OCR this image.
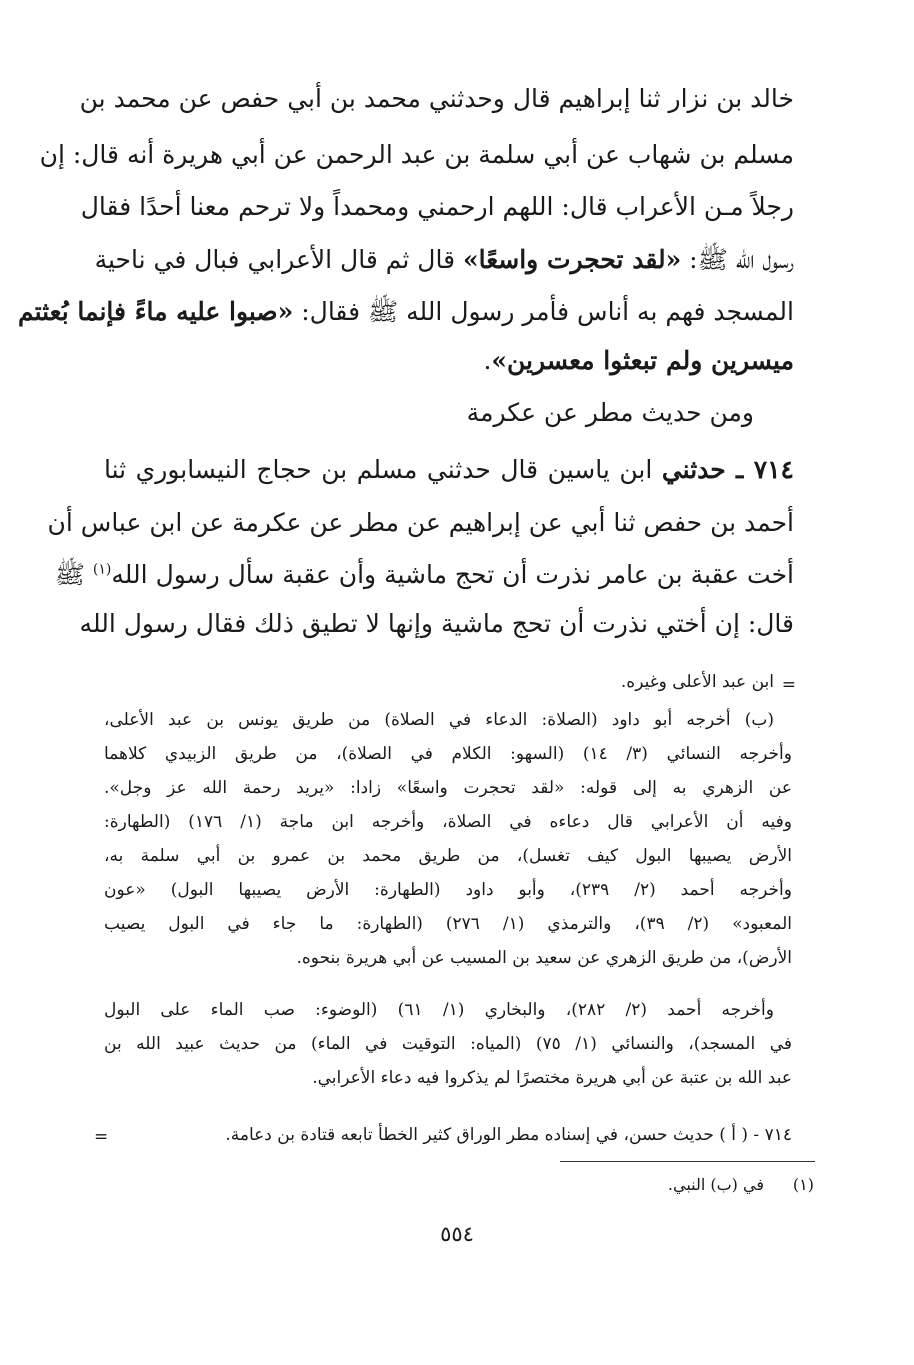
خالد بن نزار ثنا إبراهيم قال وحدثني محمد بن أبي حفص عن محمد بن
مسلم بن شهاب عن أبي سلمة بن عبد الرحمن عن أبي هريرة أنه قال: إن
رجلاً مـن الأعراب قال: اللهم ارحمني ومحمداً ولا ترحم معنا أحدًا فقال
رسول الله ﷺ: «لقد تحجرت واسعًا» قال ثم قال الأعرابي فبال في ناحية
المسجد فهم به أناس فأمر رسول الله ﷺ فقال: «صبوا عليه ماءً فإنما بُعثتم
ميسرين ولم تبعثوا معسرين».
ومن حديث مطر عن عكرمة
٧١٤ ـ حدثني ابن ياسين قال حدثني مسلم بن حجاج النيسابوري ثنا
أحمد بن حفص ثنا أبي عن إبراهيم عن مطر عن عكرمة عن ابن عباس أن
أخت عقبة بن عامر نذرت أن تحج ماشية وأن عقبة سأل رسول الله$^{(١)}$ ﷺ
قال: إن أختي نذرت أن تحج ماشية وإنها لا تطيق ذلك فقال رسول الله
=
ابن عبد الأعلى وغيره.
(ب) أخرجه أبو داود (الصلاة: الدعاء في الصلاة) من طريق يونس بن عبد الأعلى،
وأخرجه النسائي (٣/ ١٤) (السهو: الكلام في الصلاة)، من طريق الزبيدي كلاهما
عن الزهري به إلى قوله: «لقد تحجرت واسعًا» زادا: «يريد رحمة الله عز وجل».
وفيه أن الأعرابي قال دعاءه في الصلاة، وأخرجه ابن ماجة (١/ ١٧٦) (الطهارة:
الأرض يصيبها البول كيف تغسل)، من طريق محمد بن عمرو بن أبي سلمة به،
وأخرجه أحمد (٢/ ٢٣٩)، وأبو داود (الطهارة: الأرض يصيبها البول) «عون
المعبود» (٢/ ٣٩)، والترمذي (١/ ٢٧٦) (الطهارة: ما جاء في البول يصيب
الأرض)، من طريق الزهري عن سعيد بن المسيب عن أبي هريرة بنحوه.
وأخرجه أحمد (٢/ ٢٨٢)، والبخاري (١/ ٦١) (الوضوء: صب الماء على البول
في المسجد)، والنسائي (١/ ٧٥) (المياه: التوقيت في الماء) من حديث عبيد الله بن
عبد الله بن عتبة عن أبي هريرة مختصرًا لم يذكروا فيه دعاء الأعرابي.
٧١٤ - ( أ ) حديث حسن، في إسناده مطر الوراق كثير الخطأ تابعه قتادة بن دعامة.
=
(١)
في (ب) النبي.
٥٥٤
